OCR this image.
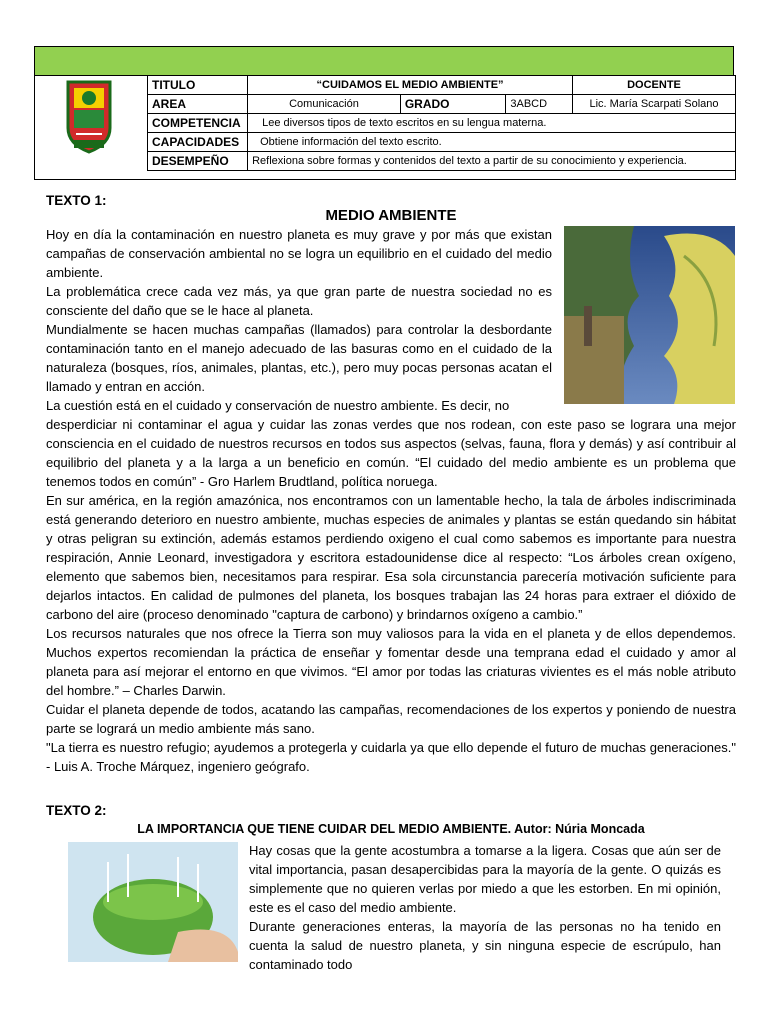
TITULO	“CUIDAMOS EL MEDIO AMBIENTE”			DOCENTE
AREA	Comunicación	GRADO	3ABCD	Lic. María Scarpati Solano
COMPETENCIA	Lee diversos tipos de texto escritos en su lengua materna.			
CAPACIDADES	Obtiene información del texto escrito.			
DESEMPEÑO	Reflexiona sobre formas y contenidos del texto a partir de su conocimiento y experiencia.			
TEXTO 1:
MEDIO AMBIENTE

Hoy en día la contaminación en nuestro planeta es muy grave y por más que existan campañas de conservación ambiental no se logra un equilibrio en el cuidado del medio ambiente.

La problemática crece cada vez más, ya que gran parte de nuestra sociedad no es consciente del daño que se le hace al planeta.

Mundialmente se hacen muchas campañas (llamados) para controlar la desbordante contaminación tanto en el manejo adecuado de las basuras como en el cuidado de la naturaleza (bosques, ríos, animales, plantas, etc.), pero muy pocas personas acatan el llamado y entran en acción.

La cuestión está en el cuidado y conservación de nuestro ambiente. Es decir, no

desperdiciar ni contaminar el agua y cuidar las zonas verdes que nos rodean, con este paso se lograra una mejor consciencia en el cuidado de nuestros recursos en todos sus aspectos (selvas, fauna, flora y demás) y así contribuir al equilibrio del planeta y a la larga a un beneficio en común. “El cuidado del medio ambiente es un problema que tenemos todos en común” - Gro Harlem Brudtland, política noruega.

En sur américa, en la región amazónica, nos encontramos con un lamentable hecho, la tala de árboles indiscriminada está generando deterioro en nuestro ambiente, muchas especies de animales y plantas se están quedando sin hábitat y otras peligran su extinción, además estamos perdiendo oxigeno el cual como sabemos es importante para nuestra respiración, Annie Leonard, investigadora y escritora estadounidense dice al respecto: “Los árboles crean oxígeno, elemento que sabemos bien, necesitamos para respirar. Esa sola circunstancia parecería motivación suficiente para dejarlos intactos. En calidad de pulmones del planeta, los bosques trabajan las 24 horas para extraer el dióxido de carbono del aire (proceso denominado "captura de carbono) y brindarnos oxígeno a cambio.”

Los recursos naturales que nos ofrece la Tierra son muy valiosos para la vida en el planeta y de ellos dependemos. Muchos expertos recomiendan la práctica de enseñar y fomentar desde una temprana edad el cuidado y amor al planeta para así mejorar el entorno en que vivimos. “El amor por todas las criaturas vivientes es el más noble atributo del hombre.” – Charles Darwin.

Cuidar el planeta depende de todos, acatando las campañas, recomendaciones de los expertos y poniendo de nuestra parte se logrará un medio ambiente más sano.

"La tierra es nuestro refugio; ayudemos a protegerla y cuidarla ya que ello depende el futuro de muchas generaciones." - Luis A. Troche Márquez, ingeniero geógrafo.

TEXTO 2:
LA IMPORTANCIA QUE TIENE CUIDAR DEL MEDIO AMBIENTE. Autor: Núria Moncada

Hay cosas que la gente acostumbra a tomarse a la ligera. Cosas que aún ser de vital importancia, pasan desapercibidas para la mayoría de la gente. O quizás es simplemente que no quieren verlas por miedo a que les estorben. En mi opinión, este es el caso del medio ambiente.

Durante generaciones enteras, la mayoría de las personas no ha tenido en cuenta la salud de nuestro planeta, y sin ninguna especie de escrúpulo, han contaminado todo
